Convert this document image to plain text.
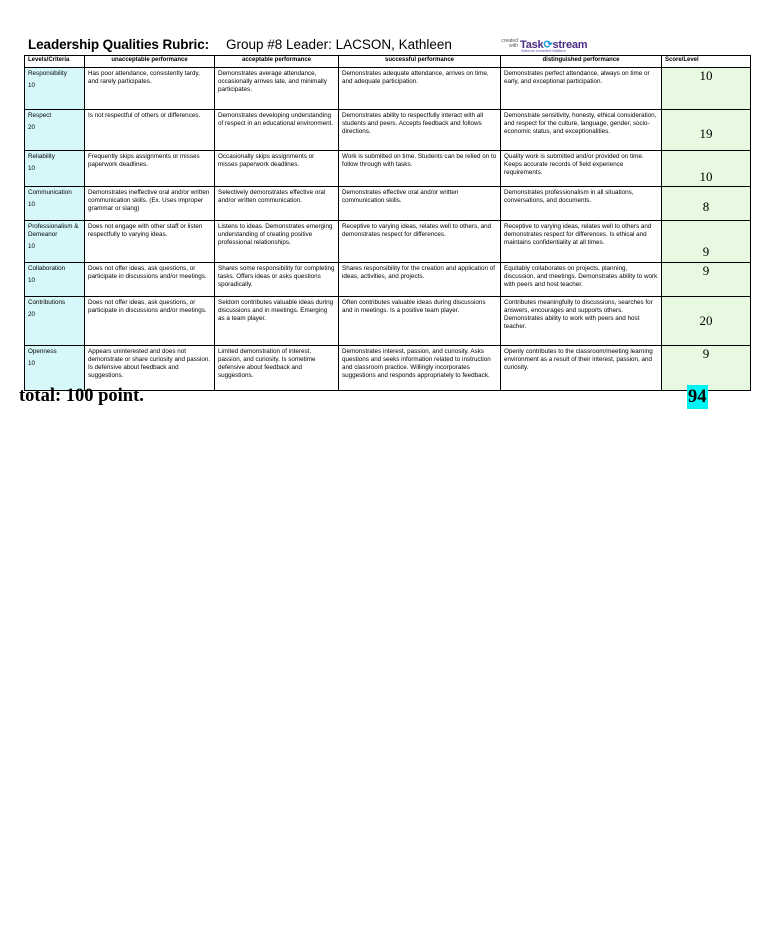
Leadership Qualities Rubric: Group #8 Leader: LACSON, Kathleen	created
with Task⟳stream
Attends Unveiled Matters
Levels/Criteria	unacceptable performance	acceptable performance	successful performance	distinguished performance	Score/Level
Responsibility
10	Has poor attendance, consistently tardy, and rarely participates.	Demonstrates average attendance, occasionally arrives late, and minimally participates.	Demonstrates adequate attendance, arrives on time, and adequate participation.	Demonstrates perfect attendance, always on time or early, and exceptional participation.	10

Respect
20	Is not respectful of others or differences.	Demonstrates developing understanding of respect in an educational environment.	Demonstrates ability to respectfully interact with all students and peers. Accepts feedback and follows directions.	Demonstrate sensitivity, honesty, ethical consideration, and respect for the culture, language, gender, socio-economic status, and exceptionalities.	19

Reliability
10	Frequently skips assignments or misses paperwork deadlines.	Occasionally skips assignments or misses paperwork deadlines.	Work is submitted on time. Students can be relied on to follow through with tasks.	Quality work is submitted and/or provided on time. Keeps accurate records of field experience requirements.	10

Communication
10	Demonstrates ineffective oral and/or written communication skills. (Ex. Uses improper grammar or slang)	Selectively demonstrates effective oral and/or written communication.	Demonstrates effective oral and/or written communication skills.	Demonstrates professionalism in all situations, conversations, and documents.	8

Professionalism & Demeanor
10	Does not engage with other staff or listen respectfully to varying ideas.	Listens to ideas. Demonstrates emerging understanding of creating positive professional relationships.	Receptive to varying ideas, relates well to others, and demonstrates respect for differences.	Receptive to varying ideas, relates well to others and demonstrates respect for differences. Is ethical and maintains confidentiality at all times.	9

Collaboration
10	Does not offer ideas, ask questions, or participate in discussions and/or meetings.	Shares some responsibility for completing tasks. Offers ideas or asks questions sporadically.	Shares responsibility for the creation and application of ideas, activities, and projects.	Equitably collaborates on projects, planning, discussion, and meetings. Demonstrates ability to work with peers and host teacher.	9

Contributions
20	Does not offer ideas, ask questions, or participate in discussions and/or meetings.	Seldom contributes valuable ideas during discussions and in meetings. Emerging as a team player.	Often contributes valuable ideas during discussions and in meetings. Is a positive team player.	Contributes meaningfully to discussions, searches for answers, encourages and supports others. Demonstrates ability to work with peers and host teacher.	20

Openness
10	Appears uninterested and does not demonstrate or share curiosity and passion. Is defensive about feedback and suggestions.	Limited demonstration of interest, passion, and curiosity. Is sometime defensive about feedback and suggestions.	Demonstrates interest, passion, and curiosity. Asks questions and seeks information related to instruction and classroom practice. Willingly incorporates suggestions and responds appropriately to feedback.	Openly contributes to the classroom/meeting learning environment as a result of their interest, passion, and curiosity.	9
total: 100 point.	94
